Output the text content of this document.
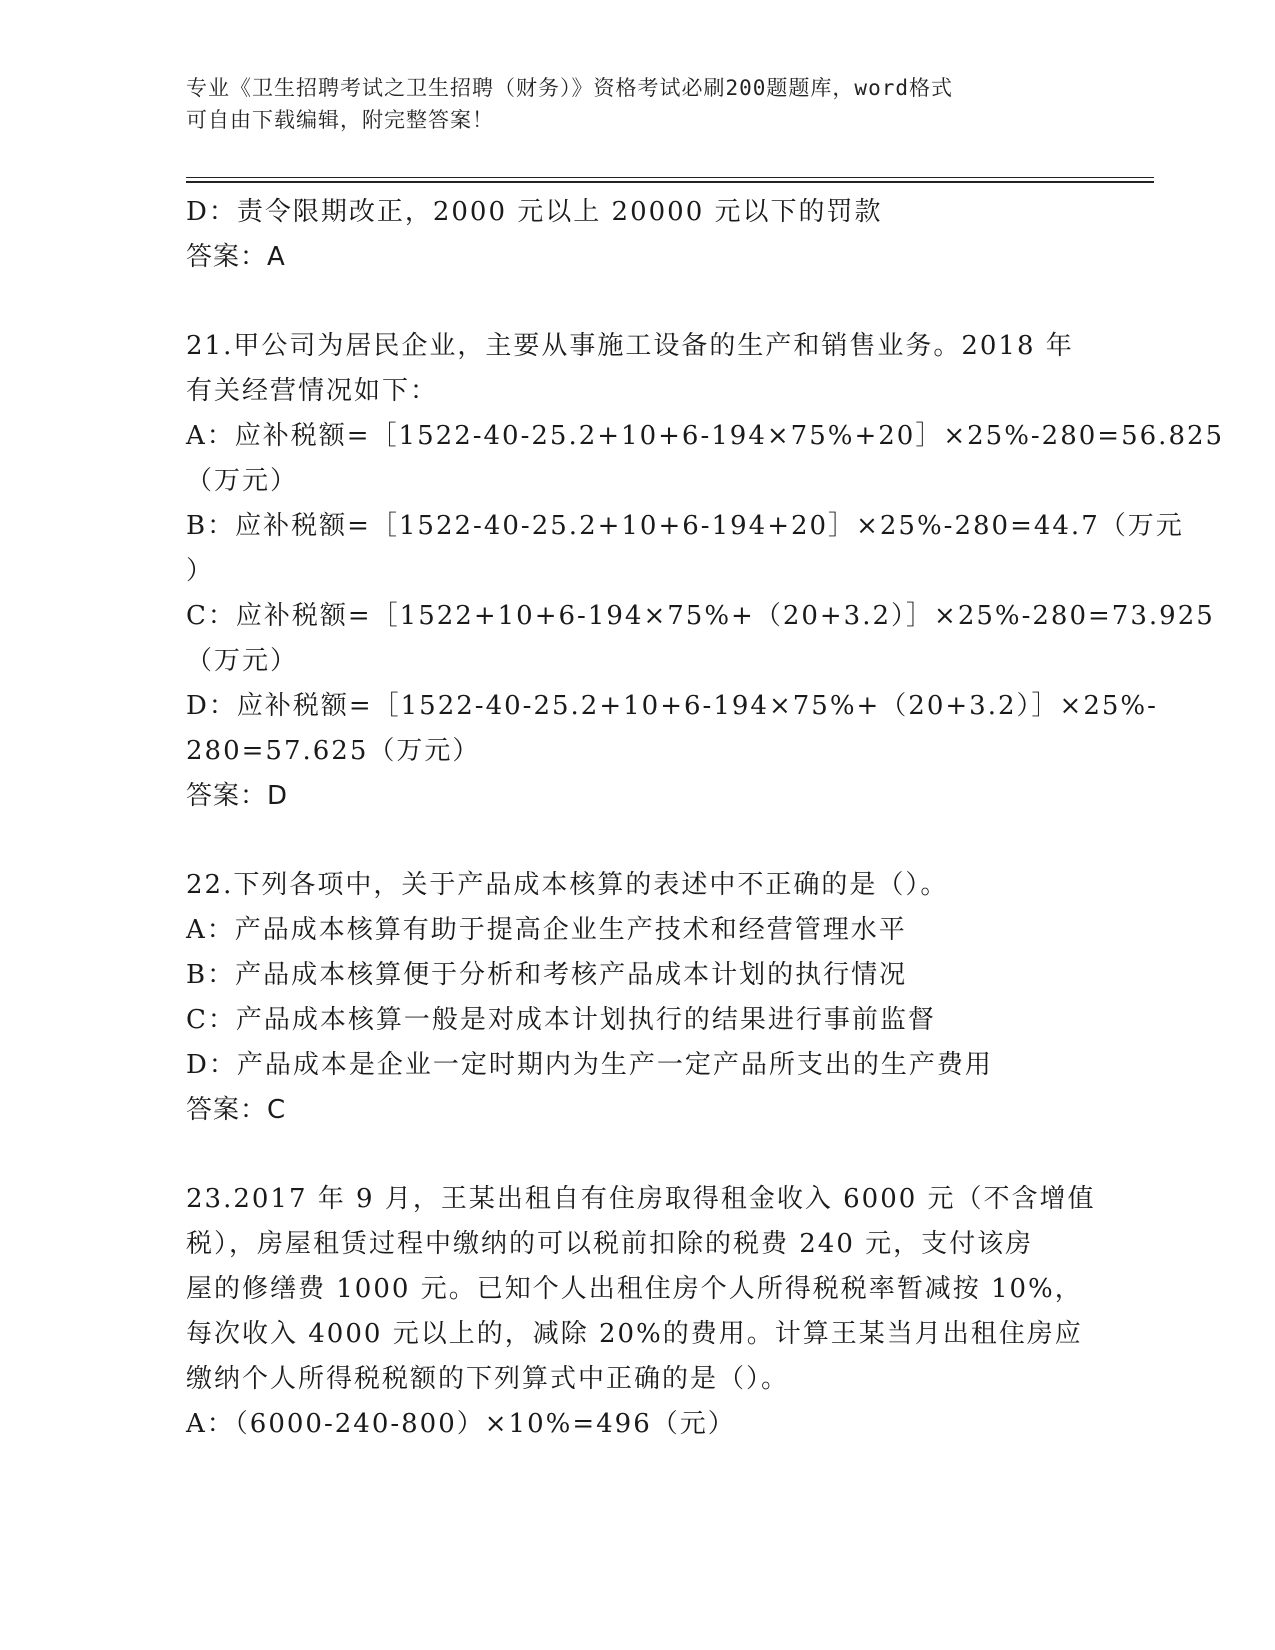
专业《卫生招聘考试之卫生招聘（财务）》资格考试必刷200题题库，word格式
可自由下载编辑，附完整答案！
D：责令限期改正，2000 元以上 20000 元以下的罚款
答案：A
21.甲公司为居民企业，主要从事施工设备的生产和销售业务。2018 年
有关经营情况如下：
A：应补税额=［1522-40-25.2+10+6-194×75%+20］×25%-280=56.825
（万元）
B：应补税额=［1522-40-25.2+10+6-194+20］×25%-280=44.7（万元
）
C：应补税额=［1522+10+6-194×75%+（20+3.2）］×25%-280=73.925
（万元）
D：应补税额=［1522-40-25.2+10+6-194×75%+（20+3.2）］×25%-
280=57.625（万元）
答案：D
22.下列各项中，关于产品成本核算的表述中不正确的是（）。
A：产品成本核算有助于提高企业生产技术和经营管理水平
B：产品成本核算便于分析和考核产品成本计划的执行情况
C：产品成本核算一般是对成本计划执行的结果进行事前监督
D：产品成本是企业一定时期内为生产一定产品所支出的生产费用
答案：C
23.2017 年 9 月，王某出租自有住房取得租金收入 6000 元（不含增值
税），房屋租赁过程中缴纳的可以税前扣除的税费 240 元，支付该房
屋的修缮费 1000 元。已知个人出租住房个人所得税税率暂减按 10%，
每次收入 4000 元以上的，减除 20%的费用。计算王某当月出租住房应
缴纳个人所得税税额的下列算式中正确的是（）。
A：（6000-240-800）×10%=496（元）
